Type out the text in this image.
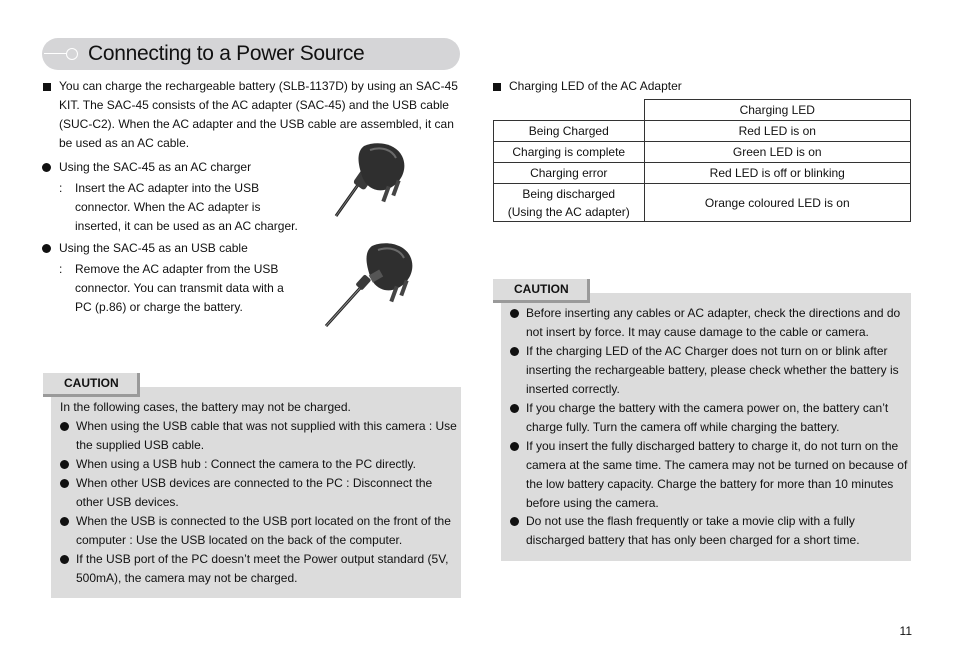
Connecting to a Power Source
You can charge the rechargeable battery (SLB-1137D) by using an SAC-45
KIT. The SAC-45 consists of the AC adapter (SAC-45) and the USB cable
(SUC-C2). When the AC adapter and the USB cable are assembled, it can
be used as an AC cable.
Using the SAC-45 as an AC charger
: Insert the AC adapter into the USB
connector. When the AC adapter is
inserted, it can be used as an AC charger.
Using the SAC-45 as an USB cable
: Remove the AC adapter from the USB
connector. You can transmit data with a
PC (p.86) or charge the battery.
CAUTION
In the following cases, the battery may not be charged.
When using the USB cable that was not supplied with this camera : Use
the supplied USB cable.
When using a USB hub : Connect the camera to the PC directly.
When other USB devices are connected to the PC : Disconnect the
other USB devices.
When the USB is connected to the USB port located on the front of the
computer : Use the USB located on the back of the computer.
If the USB port of the PC doesn’t meet the Power output standard (5V,
500mA), the camera may not be charged.
Charging LED of the AC Adapter
	Charging LED
Being Charged	Red LED is on
Charging is complete	Green LED is on
Charging error	Red LED is off or blinking

Being discharged
(Using the AC adapter)	Orange coloured LED is on
CAUTION
Before inserting any cables or AC adapter, check the directions and do
not insert by force. It may cause damage to the cable or camera.
If the charging LED of the AC Charger does not turn on or blink after
inserting the rechargeable battery, please check whether the battery is
inserted correctly.
If you charge the battery with the camera power on, the battery can’t
charge fully. Turn the camera off while charging the battery.
If you insert the fully discharged battery to charge it, do not turn on the
camera at the same time. The camera may not be turned on because of
the low battery capacity. Charge the battery for more than 10 minutes
before using the camera.
Do not use the flash frequently or take a movie clip with a fully
discharged battery that has only been charged for a short time.
11
